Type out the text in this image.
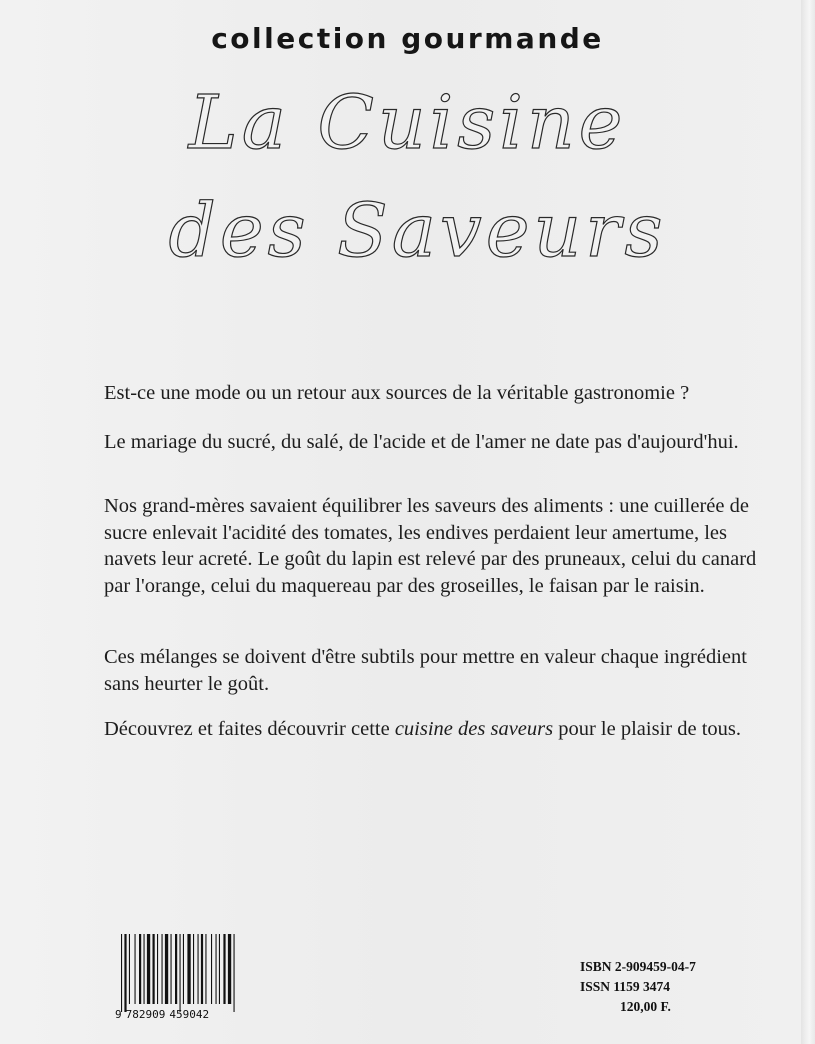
collection gourmande
La Cuisine
des Saveurs

Est-ce une mode ou un retour aux sources de la véritable gastronomie ?

Le mariage du sucré, du salé, de l'acide et de l'amer ne date pas d'aujourd'hui.

Nos grand-mères savaient équilibrer les saveurs des aliments : une cuillerée de sucre enlevait l'acidité des tomates, les endives perdaient leur amertume, les navets leur acreté. Le goût du lapin est relevé par des pruneaux, celui du canard par l'orange, celui du maquereau par des groseilles, le faisan par le raisin.

Ces mélanges se doivent d'être subtils pour mettre en valeur chaque ingrédient sans heurter le goût.

Découvrez et faites découvrir cette cuisine des saveurs pour le plaisir de tous.

9 782909 459042
ISBN 2-909459-04-7
ISSN 1159 3474
120,00 F.
